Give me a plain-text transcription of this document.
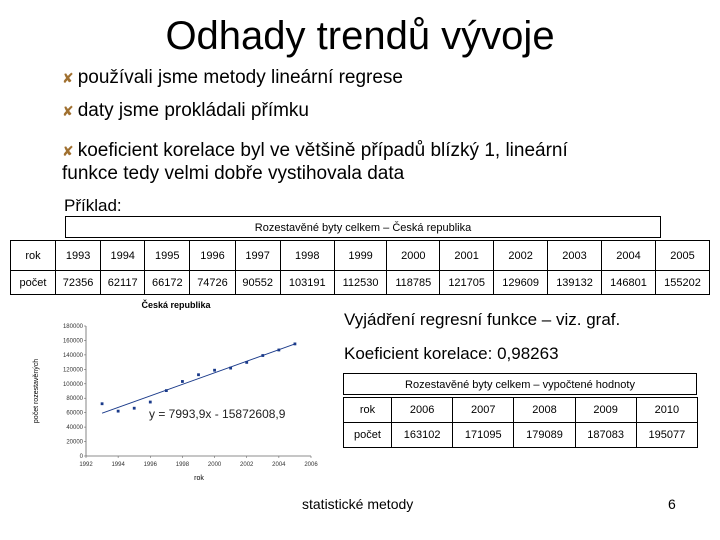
Odhady trendů vývoje
✘ používali jsme metody lineární regrese
✘ daty jsme prokládali přímku
✘ koeficient korelace byl ve většině případů blízký 1, lineární
funkce tedy velmi dobře vystihovala data
Příklad:
Rozestavěné byty celkem – Česká republika
rok	1993	1994	1995	1996	1997	1998	1999	2000	2001	2002	2003	2004	2005
počet	72356	62117	66172	74726	90552	103191	112530	118785	121705	129609	139132	146801	155202
Česká republika
počet rozestavěných
rok
y = 7993,9x - 15872608,9
0
20000
40000
60000
80000
100000
120000
140000
160000
180000
1992	1994	1996	1998	2000	2002	2004	2006
Vyjádření regresní funkce – viz. graf.
Koeficient korelace: 0,98263
Rozestavěné byty celkem – vypočtené hodnoty
rok	2006	2007	2008	2009	2010
počet	163102	171095	179089	187083	195077
statistické metody	6
